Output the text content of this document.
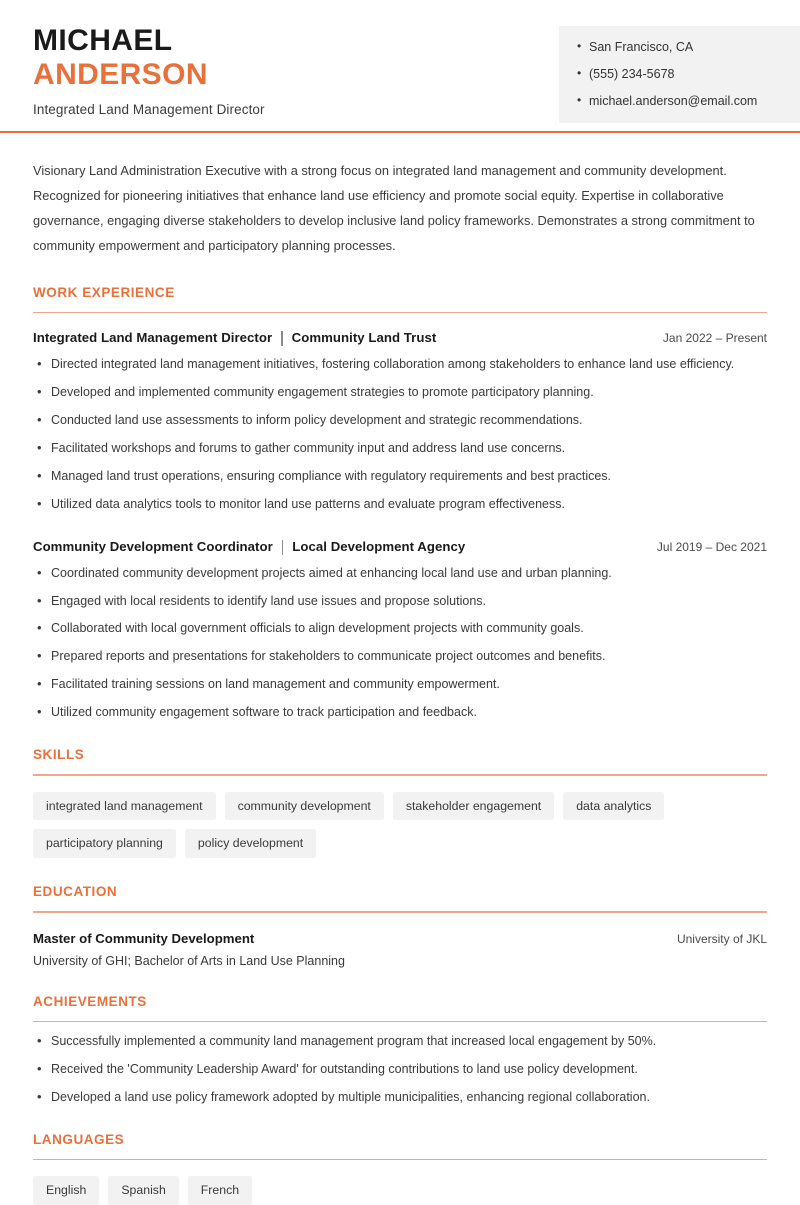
MICHAEL
ANDERSON
Integrated Land Management Director
• San Francisco, CA
• (555) 234-5678
• michael.anderson@email.com

Visionary Land Administration Executive with a strong focus on integrated land management and community development. Recognized for pioneering initiatives that enhance land use efficiency and promote social equity. Expertise in collaborative governance, engaging diverse stakeholders to develop inclusive land policy frameworks. Demonstrates a strong commitment to community empowerment and participatory planning processes.

WORK EXPERIENCE
Integrated Land Management Director Community Land Trust	Jan 2022 – Present
• Directed integrated land management initiatives, fostering collaboration among stakeholders to enhance land use efficiency.
• Developed and implemented community engagement strategies to promote participatory planning.
• Conducted land use assessments to inform policy development and strategic recommendations.
• Facilitated workshops and forums to gather community input and address land use concerns.
• Managed land trust operations, ensuring compliance with regulatory requirements and best practices.
• Utilized data analytics tools to monitor land use patterns and evaluate program effectiveness.
Community Development Coordinator Local Development Agency	Jul 2019 – Dec 2021
• Coordinated community development projects aimed at enhancing local land use and urban planning.
• Engaged with local residents to identify land use issues and propose solutions.
• Collaborated with local government officials to align development projects with community goals.
• Prepared reports and presentations for stakeholders to communicate project outcomes and benefits.
• Facilitated training sessions on land management and community empowerment.
• Utilized community engagement software to track participation and feedback.
SKILLS
integrated land management	community development	stakeholder engagement	data analytics
participatory planning	policy development
EDUCATION
Master of Community Development	University of JKL
University of GHI; Bachelor of Arts in Land Use Planning
ACHIEVEMENTS
• Successfully implemented a community land management program that increased local engagement by 50%.
• Received the 'Community Leadership Award' for outstanding contributions to land use policy development.
• Developed a land use policy framework adopted by multiple municipalities, enhancing regional collaboration.
LANGUAGES
English	Spanish	French
